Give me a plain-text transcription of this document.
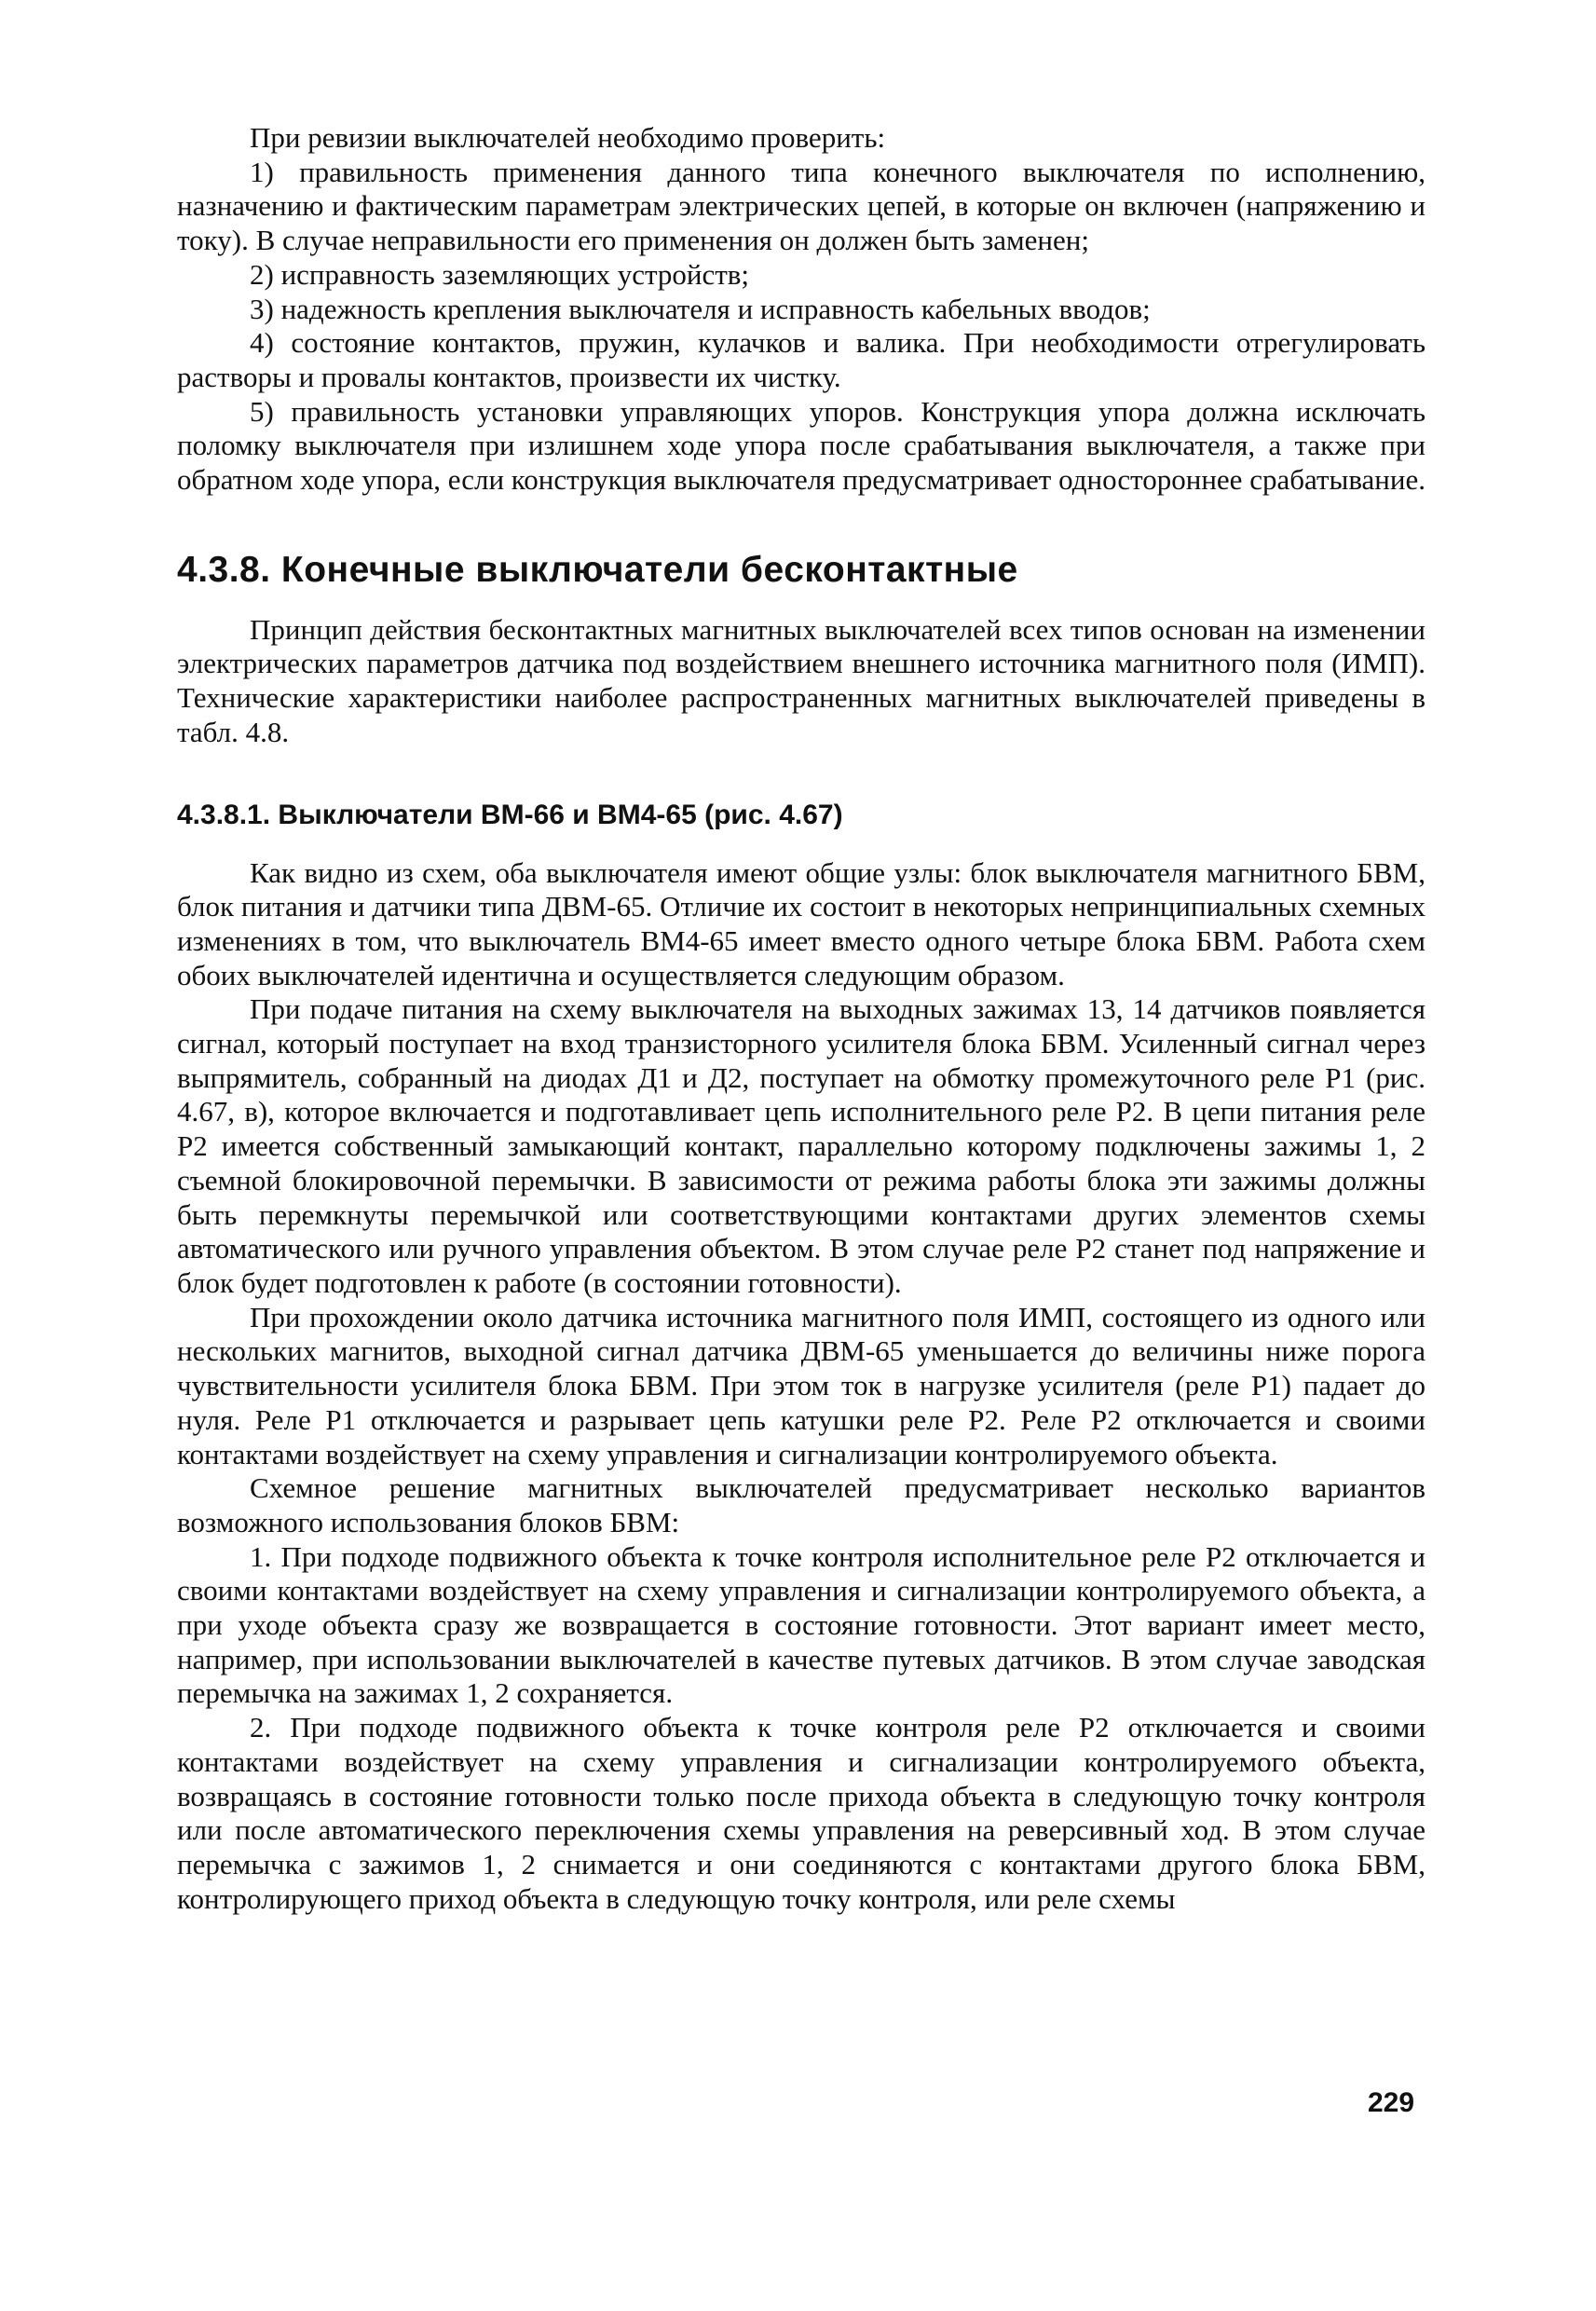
При ревизии выключателей необходимо проверить:

1) правильность применения данного типа конечного выключателя по исполнению, назначению и фактическим параметрам электрических цепей, в которые он включен (напряжению и току). В случае неправильности его применения он должен быть заменен;

2) исправность заземляющих устройств;

3) надежность крепления выключателя и исправность кабельных вводов;

4) состояние контактов, пружин, кулачков и валика. При необходимости отрегулировать растворы и провалы контактов, произвести их чистку.

5) правильность установки управляющих упоров. Конструкция упора должна исключать поломку выключателя при излишнем ходе упора после срабатывания выключателя, а также при обратном ходе упора, если конструкция выключателя предусматривает одностороннее срабатывание.

4.3.8. Конечные выключатели бесконтактные

Принцип действия бесконтактных магнитных выключателей всех типов основан на изменении электрических параметров датчика под воздействием внешнего источника магнитного поля (ИМП). Технические характеристики наиболее распространенных магнитных выключателей приведены в табл. 4.8.

4.3.8.1. Выключатели ВМ-66 и ВМ4-65 (рис. 4.67)

Как видно из схем, оба выключателя имеют общие узлы: блок выключателя магнитного БВМ, блок питания и датчики типа ДВМ-65. Отличие их состоит в некоторых непринципиальных схемных изменениях в том, что выключатель ВМ4-65 имеет вместо одного четыре блока БВМ. Работа схем обоих выключателей идентична и осуществляется следующим образом.

При подаче питания на схему выключателя на выходных зажимах 13, 14 датчиков появляется сигнал, который поступает на вход транзисторного усилителя блока БВМ. Усиленный сигнал через выпрямитель, собранный на диодах Д1 и Д2, поступает на обмотку промежуточного реле Р1 (рис. 4.67, в), которое включается и подготавливает цепь исполнительного реле Р2. В цепи питания реле Р2 имеется собственный замыкающий контакт, параллельно которому подключены зажимы 1, 2 съемной блокировочной перемычки. В зависимости от режима работы блока эти зажимы должны быть перемкнуты перемычкой или соответствующими контактами других элементов схемы автоматического или ручного управления объектом. В этом случае реле Р2 станет под напряжение и блок будет подготовлен к работе (в состоянии готовности).

При прохождении около датчика источника магнитного поля ИМП, состоящего из одного или нескольких магнитов, выходной сигнал датчика ДВМ-65 уменьшается до величины ниже порога чувствительности усилителя блока БВМ. При этом ток в нагрузке усилителя (реле Р1) падает до нуля. Реле Р1 отключается и разрывает цепь катушки реле Р2. Реле Р2 отключается и своими контактами воздействует на схему управления и сигнализации контролируемого объекта.

Схемное решение магнитных выключателей предусматривает несколько вариантов возможного использования блоков БВМ:

1. При подходе подвижного объекта к точке контроля исполнительное реле Р2 отключается и своими контактами воздействует на схему управления и сигнализации контролируемого объекта, а при уходе объекта сразу же возвращается в состояние готовности. Этот вариант имеет место, например, при использовании выключателей в качестве путевых датчиков. В этом случае заводская перемычка на зажимах 1, 2 сохраняется.

2. При подходе подвижного объекта к точке контроля реле Р2 отключается и своими контактами воздействует на схему управления и сигнализации контролируемого объекта, возвращаясь в состояние готовности только после прихода объекта в следующую точку контроля или после автоматического переключения схемы управления на реверсивный ход. В этом случае перемычка с зажимов 1, 2 снимается и они соединяются с контактами другого блока БВМ, контролирующего приход объекта в следующую точку контроля, или реле схемы

229
